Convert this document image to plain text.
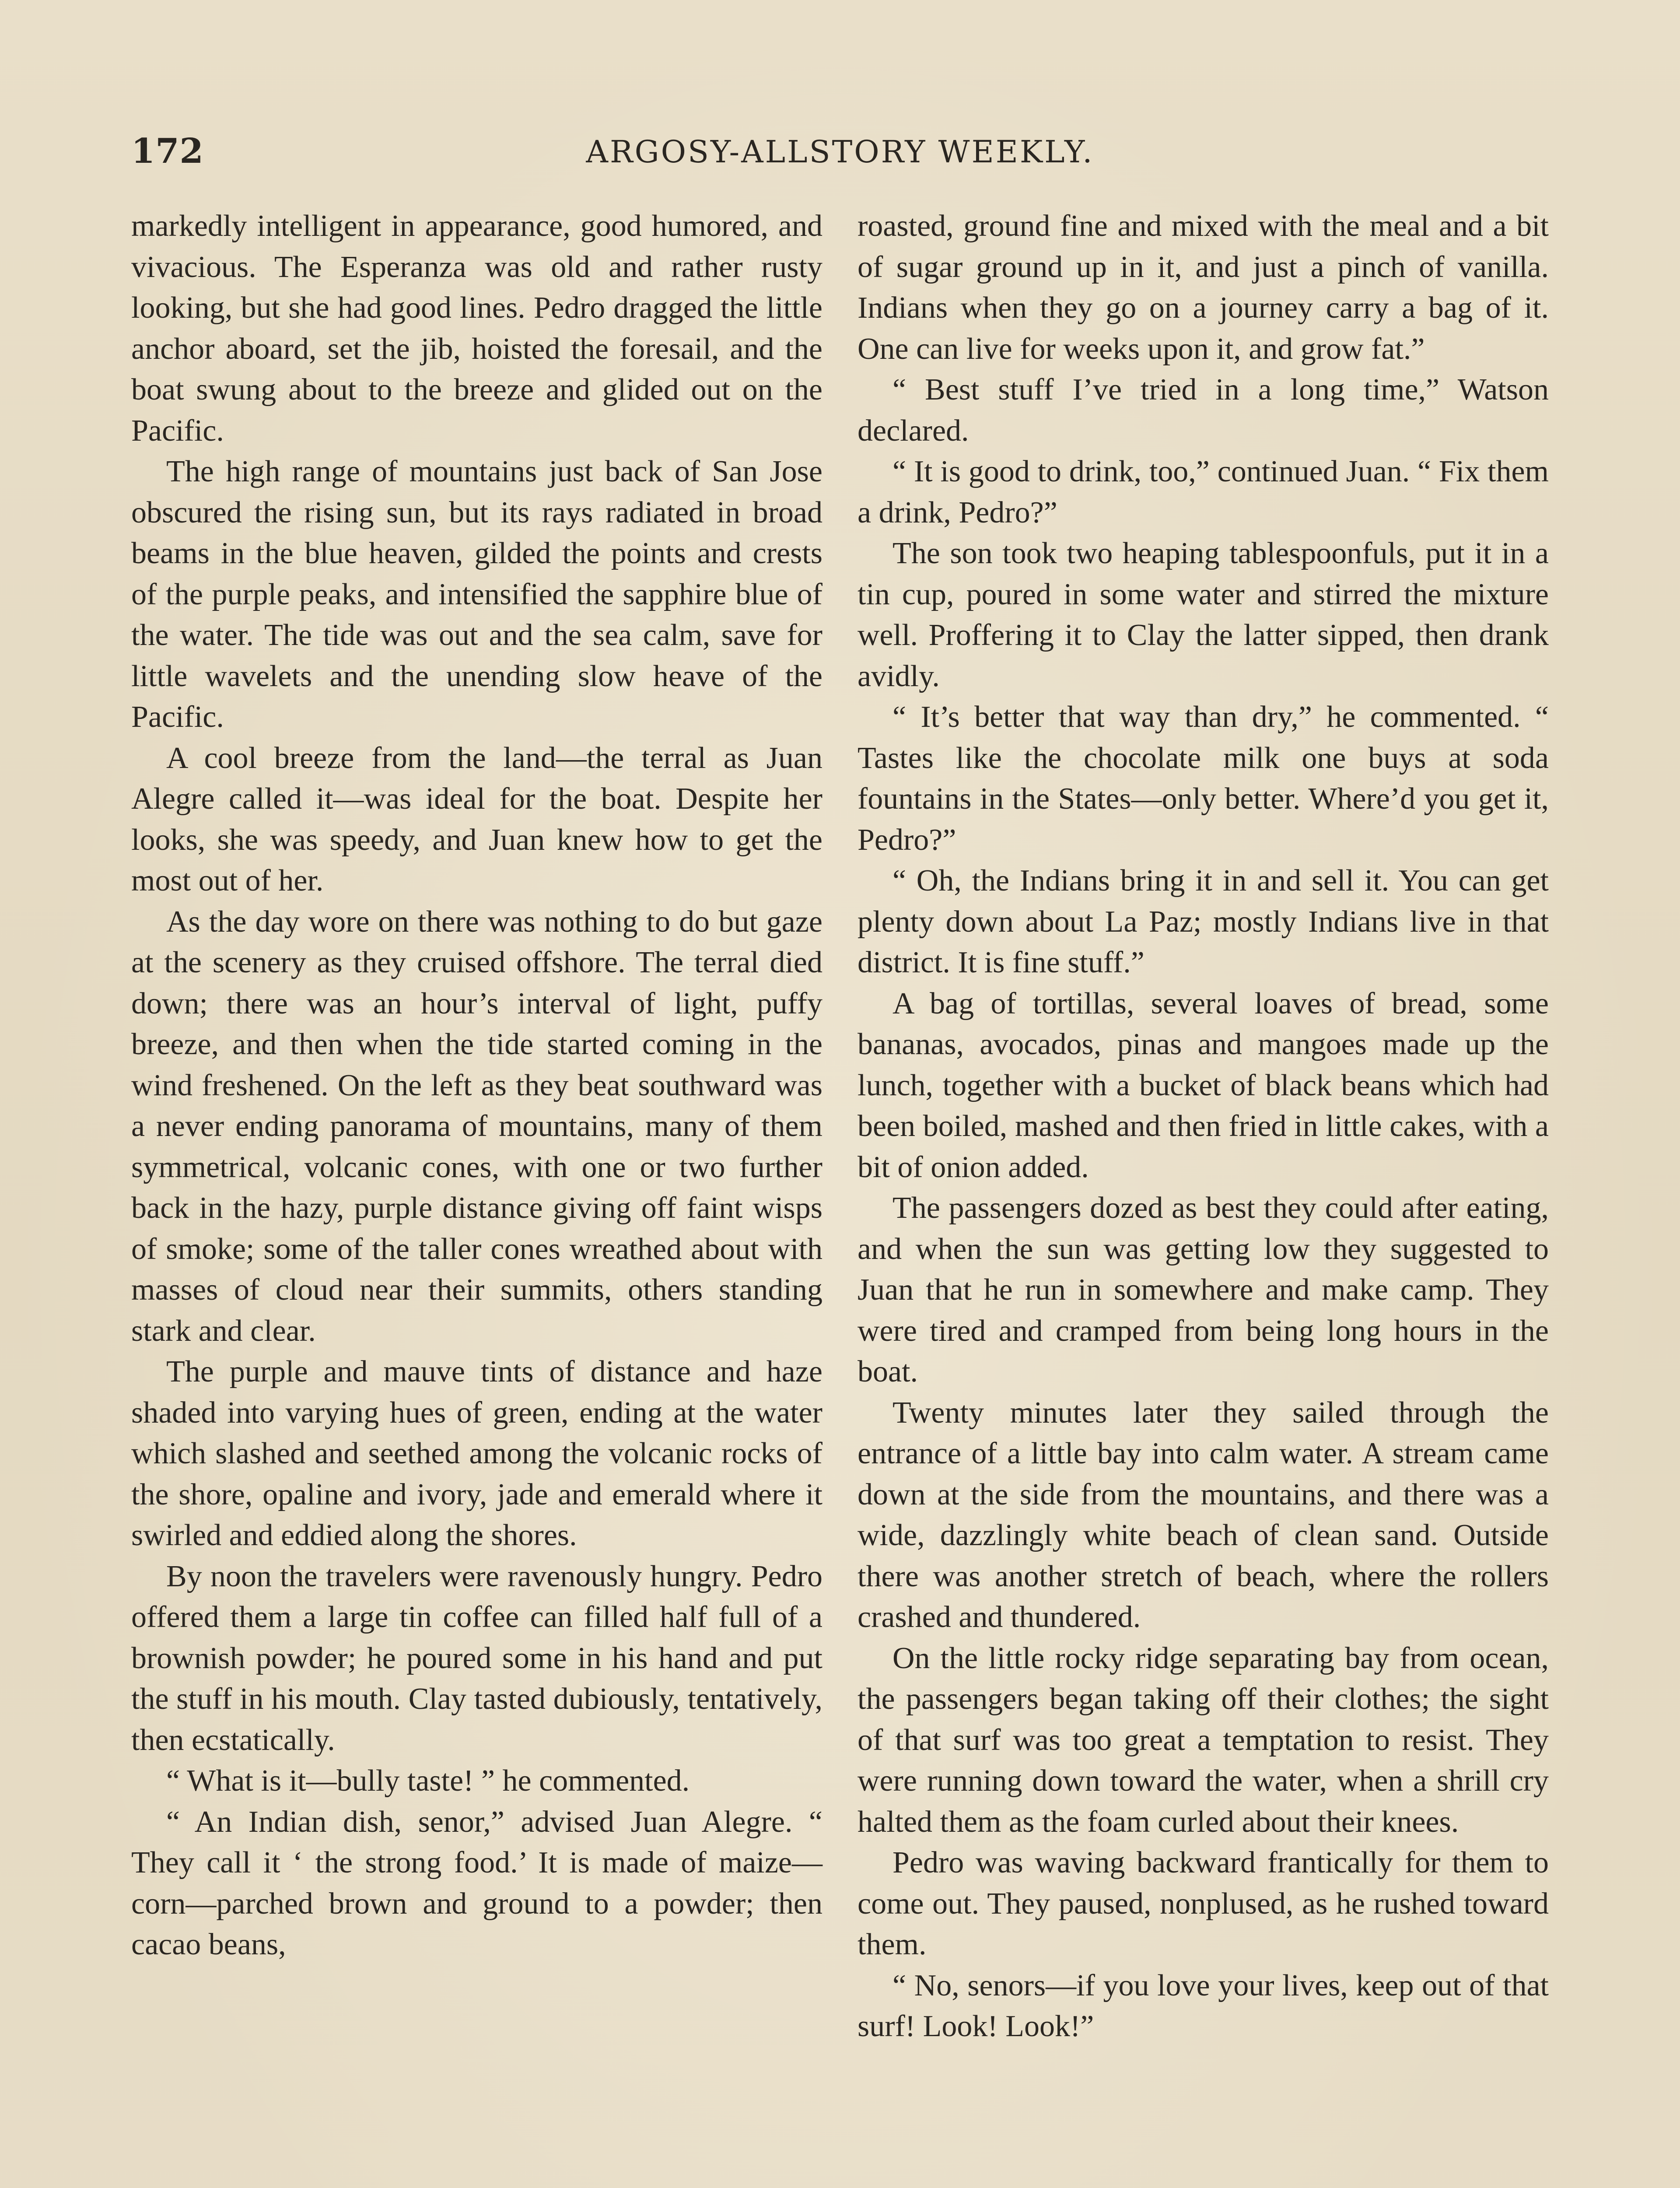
172	ARGOSY-ALLSTORY WEEKLY.

markedly intelligent in appearance, good humored, and vivacious. The Esperanza was old and rather rusty looking, but she had good lines. Pedro dragged the little anchor aboard, set the jib, hoisted the foresail, and the boat swung about to the breeze and glided out on the Pacific.

The high range of mountains just back of San Jose obscured the rising sun, but its rays radiated in broad beams in the blue heaven, gilded the points and crests of the purple peaks, and intensified the sapphire blue of the water. The tide was out and the sea calm, save for little wavelets and the unending slow heave of the Pacific.

A cool breeze from the land—the terral as Juan Alegre called it—was ideal for the boat. Despite her looks, she was speedy, and Juan knew how to get the most out of her.

As the day wore on there was nothing to do but gaze at the scenery as they cruised offshore. The terral died down; there was an hour’s interval of light, puffy breeze, and then when the tide started coming in the wind freshened. On the left as they beat southward was a never ending panorama of mountains, many of them symmetrical, volcanic cones, with one or two further back in the hazy, purple distance giving off faint wisps of smoke; some of the taller cones wreathed about with masses of cloud near their summits, others standing stark and clear.

The purple and mauve tints of distance and haze shaded into varying hues of green, ending at the water which slashed and seethed among the volcanic rocks of the shore, opaline and ivory, jade and emerald where it swirled and eddied along the shores.

By noon the travelers were ravenously hungry. Pedro offered them a large tin coffee can filled half full of a brownish powder; he poured some in his hand and put the stuff in his mouth. Clay tasted dubiously, tentatively, then ecstatically.

“ What is it—bully taste! ” he commented.

“ An Indian dish, senor,” advised Juan Alegre. “ They call it ‘ the strong food.’ It is made of maize—corn—parched brown and ground to a powder; then cacao beans,

roasted, ground fine and mixed with the meal and a bit of sugar ground up in it, and just a pinch of vanilla. Indians when they go on a journey carry a bag of it. One can live for weeks upon it, and grow fat.”

“ Best stuff I’ve tried in a long time,” Watson declared.

“ It is good to drink, too,” continued Juan. “ Fix them a drink, Pedro?”

The son took two heaping tablespoonfuls, put it in a tin cup, poured in some water and stirred the mixture well. Proffering it to Clay the latter sipped, then drank avidly.

“ It’s better that way than dry,” he commented. “ Tastes like the chocolate milk one buys at soda fountains in the States—only better. Where’d you get it, Pedro?”

“ Oh, the Indians bring it in and sell it. You can get plenty down about La Paz; mostly Indians live in that district. It is fine stuff.”

A bag of tortillas, several loaves of bread, some bananas, avocados, pinas and mangoes made up the lunch, together with a bucket of black beans which had been boiled, mashed and then fried in little cakes, with a bit of onion added.

The passengers dozed as best they could after eating, and when the sun was getting low they suggested to Juan that he run in somewhere and make camp. They were tired and cramped from being long hours in the boat.

Twenty minutes later they sailed through the entrance of a little bay into calm water. A stream came down at the side from the mountains, and there was a wide, dazzlingly white beach of clean sand. Outside there was another stretch of beach, where the rollers crashed and thundered.

On the little rocky ridge separating bay from ocean, the passengers began taking off their clothes; the sight of that surf was too great a temptation to resist. They were running down toward the water, when a shrill cry halted them as the foam curled about their knees.

Pedro was waving backward frantically for them to come out. They paused, nonplused, as he rushed toward them.

“ No, senors—if you love your lives, keep out of that surf! Look! Look!”
